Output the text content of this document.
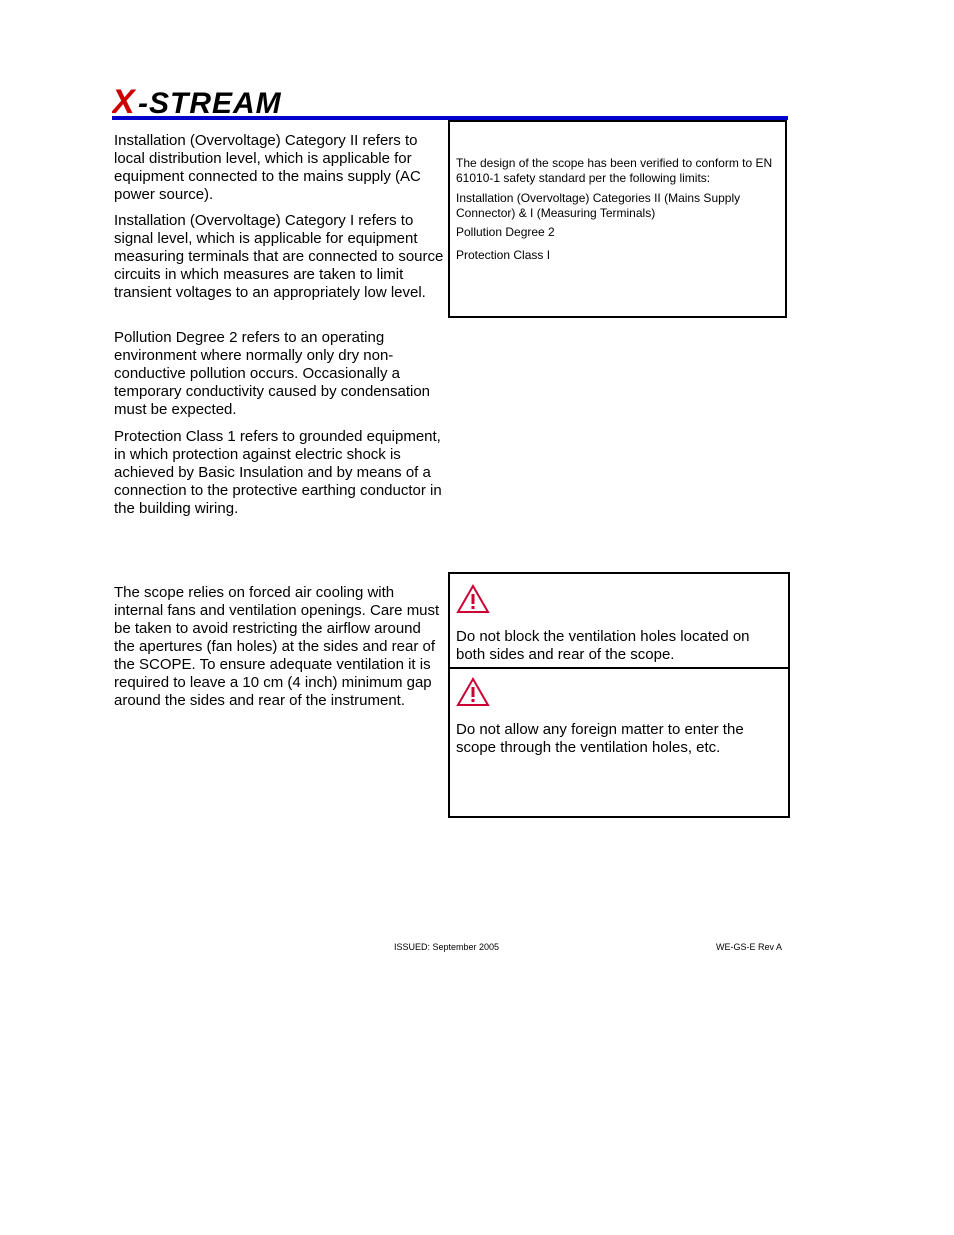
X -STREAM

Installation (Overvoltage) Category II refers to local distribution level, which is applicable for equipment connected to the mains supply (AC power source).

Installation (Overvoltage) Category I refers to signal level, which is applicable for equipment measuring terminals that are connected to source circuits in which measures are taken to limit transient voltages to an appropriately low level.

Pollution Degree 2 refers to an operating environment where normally only dry non-conductive pollution occurs. Occasionally a temporary conductivity caused by condensation must be expected.

Protection Class 1 refers to grounded equipment, in which protection against electric shock is achieved by Basic Insulation and by means of a connection to the protective earthing conductor in the building wiring.

The scope relies on forced air cooling with internal fans and ventilation openings. Care must be taken to avoid restricting the airflow around the apertures (fan holes) at the sides and rear of the SCOPE. To ensure adequate ventilation it is required to leave a 10 cm (4 inch) minimum gap around the sides and rear of the instrument.

The design of the scope has been verified to conform to EN 61010-1 safety standard per the following limits:

Installation (Overvoltage) Categories II (Mains Supply Connector) & I (Measuring Terminals)

Pollution Degree 2

Protection Class I

Do not block the ventilation holes located on both sides and rear of the scope.

Do not allow any foreign matter to enter the scope through the ventilation holes, etc.

ISSUED: September 2005	WE-GS-E Rev A
